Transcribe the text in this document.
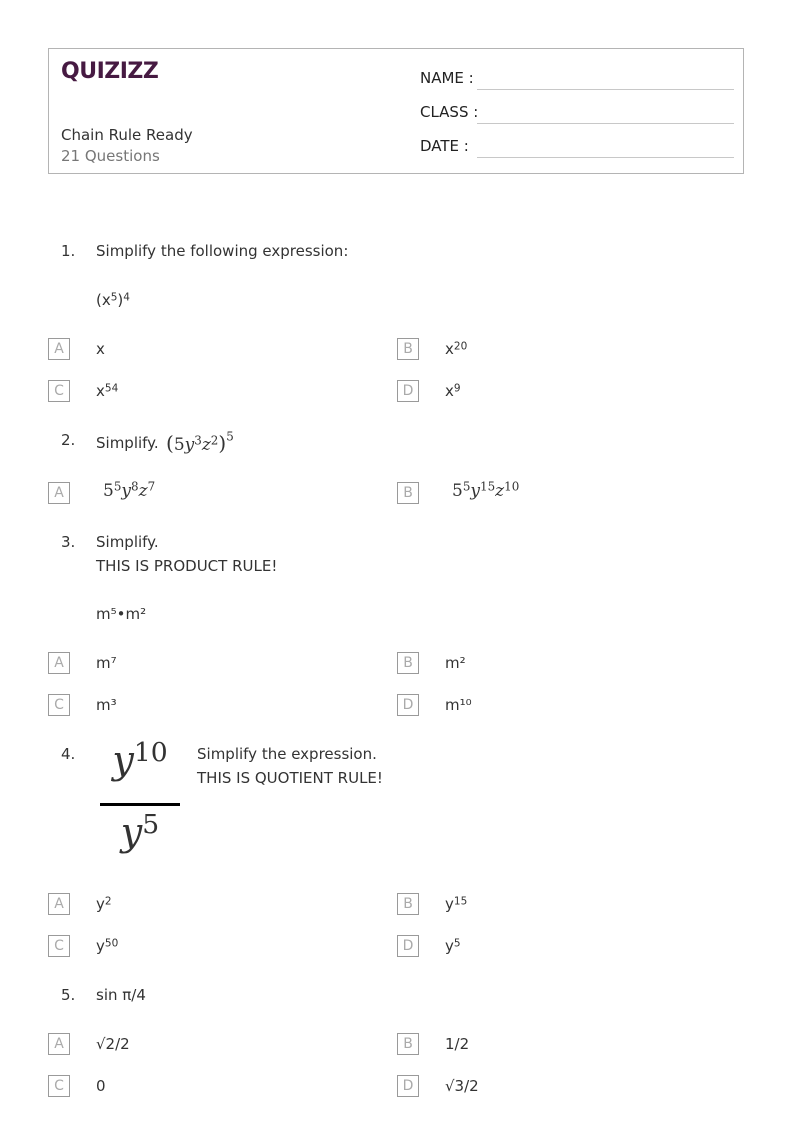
QUIZIZZ
Chain Rule Ready
21 Questions
NAME :
CLASS :
DATE :
1. Simplify the following expression:
$(x^5)^4$
A	x	B	$x^{20}$
C	$x^{54}$	D	$x^9$
2. Simplify. $(5y^3z^2)^5$
A	$5^5y^8z^7$	B	$5^5y^{15}z^{10}$
3. Simplify.
THIS IS PRODUCT RULE!
m⁵•m²
A	m⁷	B	m²
C	m³	D	m¹⁰
4. $y^{10}$
$y^5$
Simplify the expression.
THIS IS QUOTIENT RULE!
A	$y^2$	B	$y^{15}$
C	$y^{50}$	D	$y^5$
5. sin π/4
A	√2/2	B	1/2
C	0	D	√3/2
